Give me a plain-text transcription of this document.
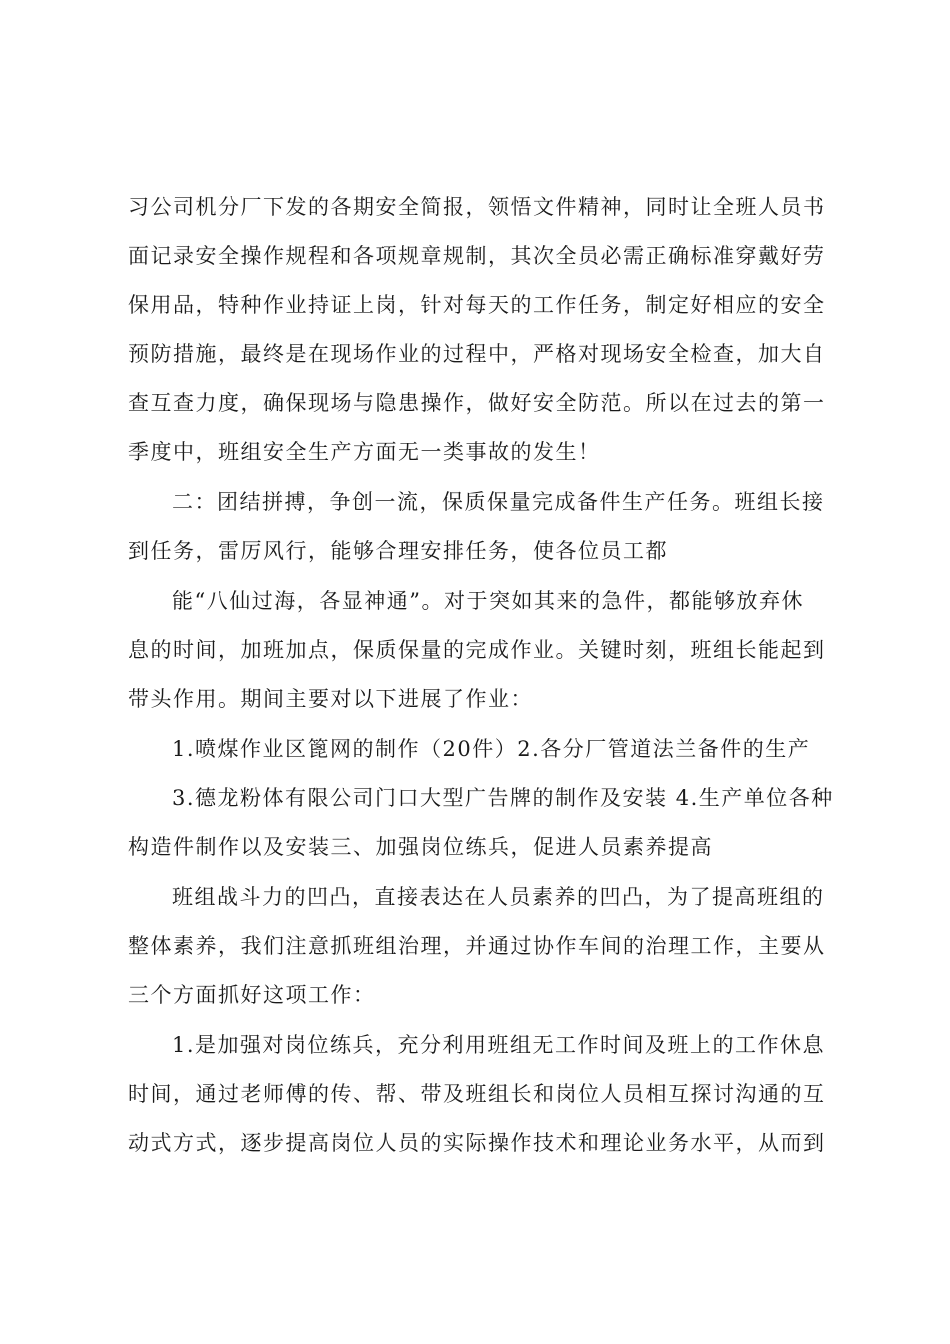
习公司机分厂下发的各期安全简报，领悟文件精神，同时让全班人员书
面记录安全操作规程和各项规章规制，其次全员必需正确标准穿戴好劳
保用品，特种作业持证上岗，针对每天的工作任务，制定好相应的安全
预防措施，最终是在现场作业的过程中，严格对现场安全检查，加大自
查互查力度，确保现场与隐患操作，做好安全防范。所以在过去的第一
季度中，班组安全生产方面无一类事故的发生！
二：团结拼搏，争创一流，保质保量完成备件生产任务。班组长接
到任务，雷厉风行，能够合理安排任务，使各位员工都
能“八仙过海，各显神通”。对于突如其来的急件，都能够放弃休
息的时间，加班加点，保质保量的完成作业。关键时刻，班组长能起到
带头作用。期间主要对以下进展了作业：
1.喷煤作业区篦网的制作（20件）2.各分厂管道法兰备件的生产
3.德龙粉体有限公司门口大型广告牌的制作及安装 4.生产单位各种
构造件制作以及安装三、加强岗位练兵，促进人员素养提高
班组战斗力的凹凸，直接表达在人员素养的凹凸，为了提高班组的
整体素养，我们注意抓班组治理，并通过协作车间的治理工作，主要从
三个方面抓好这项工作：
1.是加强对岗位练兵，充分利用班组无工作时间及班上的工作休息
时间，通过老师傅的传、帮、带及班组长和岗位人员相互探讨沟通的互
动式方式，逐步提高岗位人员的实际操作技术和理论业务水平，从而到
